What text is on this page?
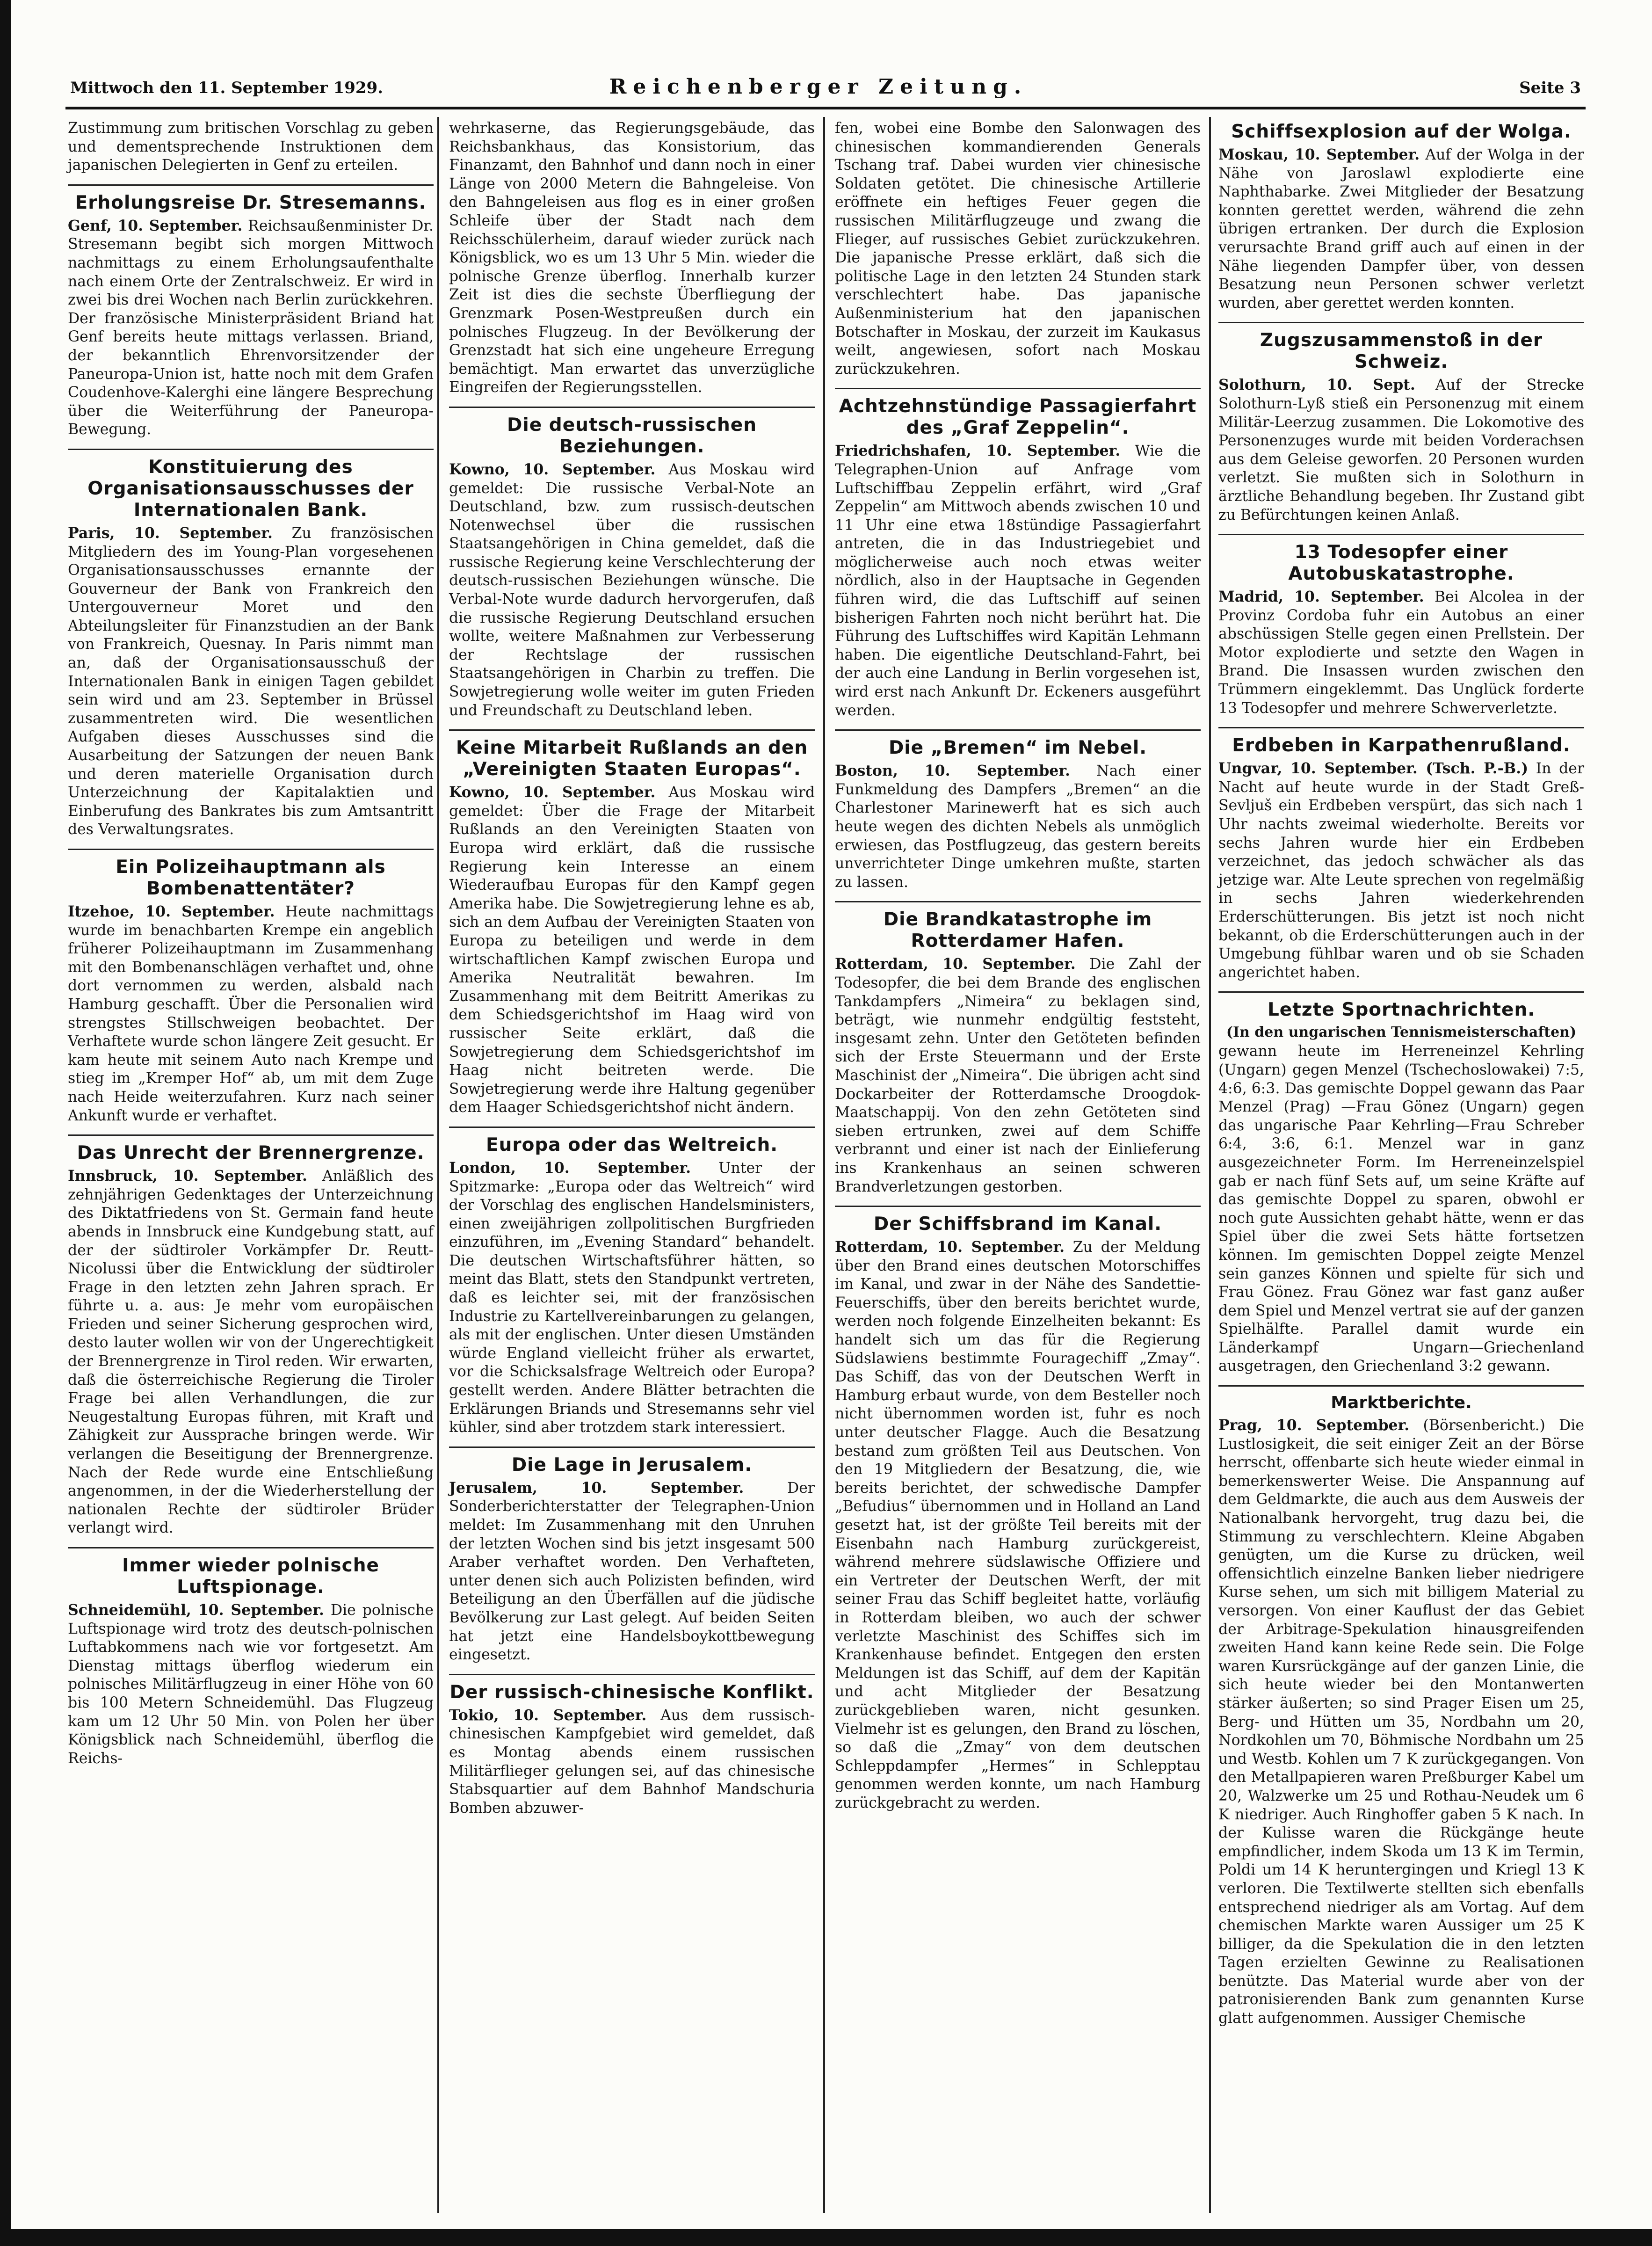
Mittwoch den 11. September 1929.	Reichenberger Zeitung.	Seite 3

Zustimmung zum britischen Vorschlag zu geben und dementsprechende Instruktionen dem japanischen Delegierten in Genf zu erteilen.

Erholungsreise Dr. Stresemanns.

Genf, 10. September. Reichsaußenminister Dr. Stresemann begibt sich morgen Mittwoch nachmittags zu einem Erholungsaufenthalte nach einem Orte der Zentralschweiz. Er wird in zwei bis drei Wochen nach Berlin zurückkehren. Der französische Ministerpräsident Briand hat Genf bereits heute mittags verlassen. Briand, der bekanntlich Ehrenvorsitzender der Paneuropa-Union ist, hatte noch mit dem Grafen Coudenhove-Kalerghi eine längere Besprechung über die Weiterführung der Paneuropa-Bewegung.

Konstituierung des Organisationsausschusses der Internationalen Bank.

Paris, 10. September. Zu französischen Mitgliedern des im Young-Plan vorgesehenen Organisationsausschusses ernannte der Gouverneur der Bank von Frankreich den Untergouverneur Moret und den Abteilungsleiter für Finanzstudien an der Bank von Frankreich, Quesnay. In Paris nimmt man an, daß der Organisationsausschuß der Internationalen Bank in einigen Tagen gebildet sein wird und am 23. September in Brüssel zusammentreten wird. Die wesentlichen Aufgaben dieses Ausschusses sind die Ausarbeitung der Satzungen der neuen Bank und deren materielle Organisation durch Unterzeichnung der Kapitalaktien und Einberufung des Bankrates bis zum Amtsantritt des Verwaltungsrates.

Ein Polizeihauptmann als Bombenattentäter?

Itzehoe, 10. September. Heute nachmittags wurde im benachbarten Krempe ein angeblich früherer Polizeihauptmann im Zusammenhang mit den Bombenanschlägen verhaftet und, ohne dort vernommen zu werden, alsbald nach Hamburg geschafft. Über die Personalien wird strengstes Stillschweigen beobachtet. Der Verhaftete wurde schon längere Zeit gesucht. Er kam heute mit seinem Auto nach Krempe und stieg im „Kremper Hof“ ab, um mit dem Zuge nach Heide weiterzufahren. Kurz nach seiner Ankunft wurde er verhaftet.

Das Unrecht der Brennergrenze.

Innsbruck, 10. September. Anläßlich des zehnjährigen Gedenktages der Unterzeichnung des Diktatfriedens von St. Germain fand heute abends in Innsbruck eine Kundgebung statt, auf der der südtiroler Vorkämpfer Dr. Reutt-Nicolussi über die Entwicklung der südtiroler Frage in den letzten zehn Jahren sprach. Er führte u. a. aus: Je mehr vom europäischen Frieden und seiner Sicherung gesprochen wird, desto lauter wollen wir von der Ungerechtigkeit der Brennergrenze in Tirol reden. Wir erwarten, daß die österreichische Regierung die Tiroler Frage bei allen Verhandlungen, die zur Neugestaltung Europas führen, mit Kraft und Zähigkeit zur Aussprache bringen werde. Wir verlangen die Beseitigung der Brennergrenze. Nach der Rede wurde eine Entschließung angenommen, in der die Wiederherstellung der nationalen Rechte der südtiroler Brüder verlangt wird.

Immer wieder polnische Luftspionage.

Schneidemühl, 10. September. Die polnische Luftspionage wird trotz des deutsch-polnischen Luftabkommens nach wie vor fortgesetzt. Am Dienstag mittags überflog wiederum ein polnisches Militärflugzeug in einer Höhe von 60 bis 100 Metern Schneidemühl. Das Flugzeug kam um 12 Uhr 50 Min. von Polen her über Königsblick nach Schneidemühl, überflog die Reichs-

wehrkaserne, das Regierungsgebäude, das Reichsbankhaus, das Konsistorium, das Finanzamt, den Bahnhof und dann noch in einer Länge von 2000 Metern die Bahngeleise. Von den Bahngeleisen aus flog es in einer großen Schleife über der Stadt nach dem Reichsschülerheim, darauf wieder zurück nach Königsblick, wo es um 13 Uhr 5 Min. wieder die polnische Grenze überflog. Innerhalb kurzer Zeit ist dies die sechste Überfliegung der Grenzmark Posen-Westpreußen durch ein polnisches Flugzeug. In der Bevölkerung der Grenzstadt hat sich eine ungeheure Erregung bemächtigt. Man erwartet das unverzügliche Eingreifen der Regierungsstellen.

Die deutsch-russischen Beziehungen.

Kowno, 10. September. Aus Moskau wird gemeldet: Die russische Verbal-Note an Deutschland, bzw. zum russisch-deutschen Notenwechsel über die russischen Staatsangehörigen in China gemeldet, daß die russische Regierung keine Verschlechterung der deutsch-russischen Beziehungen wünsche. Die Verbal-Note wurde dadurch hervorgerufen, daß die russische Regierung Deutschland ersuchen wollte, weitere Maßnahmen zur Verbesserung der Rechtslage der russischen Staatsangehörigen in Charbin zu treffen. Die Sowjetregierung wolle weiter im guten Frieden und Freundschaft zu Deutschland leben.

Keine Mitarbeit Rußlands an den „Vereinigten Staaten Europas“.

Kowno, 10. September. Aus Moskau wird gemeldet: Über die Frage der Mitarbeit Rußlands an den Vereinigten Staaten von Europa wird erklärt, daß die russische Regierung kein Interesse an einem Wiederaufbau Europas für den Kampf gegen Amerika habe. Die Sowjetregierung lehne es ab, sich an dem Aufbau der Vereinigten Staaten von Europa zu beteiligen und werde in dem wirtschaftlichen Kampf zwischen Europa und Amerika Neutralität bewahren. Im Zusammenhang mit dem Beitritt Amerikas zu dem Schiedsgerichtshof im Haag wird von russischer Seite erklärt, daß die Sowjetregierung dem Schiedsgerichtshof im Haag nicht beitreten werde. Die Sowjetregierung werde ihre Haltung gegenüber dem Haager Schiedsgerichtshof nicht ändern.

Europa oder das Weltreich.

London, 10. September. Unter der Spitzmarke: „Europa oder das Weltreich“ wird der Vorschlag des englischen Handelsministers, einen zweijährigen zollpolitischen Burgfrieden einzuführen, im „Evening Standard“ behandelt. Die deutschen Wirtschaftsführer hätten, so meint das Blatt, stets den Standpunkt vertreten, daß es leichter sei, mit der französischen Industrie zu Kartellvereinbarungen zu gelangen, als mit der englischen. Unter diesen Umständen würde England vielleicht früher als erwartet, vor die Schicksalsfrage Weltreich oder Europa? gestellt werden. Andere Blätter betrachten die Erklärungen Briands und Stresemanns sehr viel kühler, sind aber trotzdem stark interessiert.

Die Lage in Jerusalem.

Jerusalem, 10. September.	Der Sonderberichterstatter der Telegraphen-Union meldet: Im Zusammenhang mit den Unruhen der letzten Wochen sind bis jetzt insgesamt 500 Araber verhaftet worden. Den Verhafteten, unter denen sich auch Polizisten befinden, wird Beteiligung an den Überfällen auf die jüdische Bevölkerung zur Last gelegt. Auf beiden Seiten hat jetzt eine Handelsboykottbewegung eingesetzt.

Der russisch-chinesische Konflikt.

Tokio, 10. September. Aus dem russisch-chinesischen Kampfgebiet wird gemeldet, daß es Montag abends einem russischen Militärflieger gelungen sei, auf das chinesische Stabsquartier auf dem Bahnhof Mandschuria Bomben abzuwer-

fen, wobei eine Bombe den Salonwagen des chinesischen kommandierenden Generals Tschang traf. Dabei wurden vier chinesische Soldaten getötet. Die chinesische Artillerie eröffnete ein heftiges Feuer gegen die russischen Militärflugzeuge und zwang die Flieger, auf russisches Gebiet zurückzukehren. Die japanische Presse erklärt, daß sich die politische Lage in den letzten 24 Stunden stark verschlechtert habe. Das japanische Außenministerium hat den japanischen Botschafter in Moskau, der zurzeit im Kaukasus weilt, angewiesen, sofort nach Moskau zurückzukehren.

Achtzehnstündige Passagierfahrt des „Graf Zeppelin“.

Friedrichshafen, 10. September. Wie die Telegraphen-Union auf Anfrage vom Luftschiffbau Zeppelin erfährt, wird „Graf Zeppelin“ am Mittwoch abends zwischen 10 und 11 Uhr eine etwa 18stündige Passagierfahrt antreten, die in das Industriegebiet und möglicherweise auch noch etwas weiter nördlich, also in der Hauptsache in Gegenden führen wird, die das Luftschiff auf seinen bisherigen Fahrten noch nicht berührt hat. Die Führung des Luftschiffes wird Kapitän Lehmann haben. Die eigentliche Deutschland-Fahrt, bei der auch eine Landung in Berlin vorgesehen ist, wird erst nach Ankunft Dr. Eckeners ausgeführt werden.

Die „Bremen“ im Nebel.

Boston, 10. September. Nach einer Funkmeldung des Dampfers „Bremen“ an die Charlestoner Marinewerft hat es sich auch heute wegen des dichten Nebels als unmöglich erwiesen, das Postflugzeug, das gestern bereits unverrichteter Dinge umkehren mußte, starten zu lassen.

Die Brandkatastrophe im Rotterdamer Hafen.

Rotterdam, 10. September. Die Zahl der Todesopfer, die bei dem Brande des englischen Tankdampfers „Nimeira“ zu beklagen sind, beträgt, wie nunmehr endgültig feststeht, insgesamt zehn. Unter den Getöteten befinden sich der Erste Steuermann und der Erste Maschinist der „Nimeira“. Die übrigen acht sind Dockarbeiter der Rotterdamsche Droogdok-Maatschappij. Von den zehn Getöteten sind sieben ertrunken, zwei auf dem Schiffe verbrannt und einer ist nach der Einlieferung ins Krankenhaus an seinen schweren Brandverletzungen gestorben.

Der Schiffsbrand im Kanal.

Rotterdam, 10. September. Zu der Meldung über den Brand eines deutschen Motorschiffes im Kanal, und zwar in der Nähe des Sandettie-Feuerschiffs, über den bereits berichtet wurde, werden noch folgende Einzelheiten bekannt: Es handelt sich um das für die Regierung Südslawiens bestimmte Fouragechiff „Zmay“. Das Schiff, das von der Deutschen Werft in Hamburg erbaut wurde, von dem Besteller noch nicht übernommen worden ist, fuhr es noch unter deutscher Flagge. Auch die Besatzung bestand zum größten Teil aus Deutschen. Von den 19 Mitgliedern der Besatzung, die, wie bereits berichtet, der schwedische Dampfer „Befudius“ übernommen und in Holland an Land gesetzt hat, ist der größte Teil bereits mit der Eisenbahn nach Hamburg zurückgereist, während mehrere südslawische Offiziere und ein Vertreter der Deutschen Werft, der mit seiner Frau das Schiff begleitet hatte, vorläufig in Rotterdam bleiben, wo auch der schwer verletzte Maschinist des Schiffes sich im Krankenhause befindet. Entgegen den ersten Meldungen ist das Schiff, auf dem der Kapitän und acht Mitglieder der Besatzung zurückgeblieben waren, nicht gesunken. Vielmehr ist es gelungen, den Brand zu löschen, so daß die „Zmay“ von dem deutschen Schleppdampfer „Hermes“ in Schlepptau genommen werden konnte, um nach Hamburg zurückgebracht zu werden.

Schiffsexplosion auf der Wolga.

Moskau, 10. September. Auf der Wolga in der Nähe von Jaroslawl explodierte eine Naphthabarke. Zwei Mitglieder der Besatzung konnten gerettet werden, während die zehn übrigen ertranken. Der durch die Explosion verursachte Brand griff auch auf einen in der Nähe liegenden Dampfer über, von dessen Besatzung neun Personen schwer verletzt wurden, aber gerettet werden konnten.

Zugszusammenstoß in der Schweiz.

Solothurn, 10. Sept. Auf der Strecke Solothurn-Lyß stieß ein Personenzug mit einem Militär-Leerzug zusammen. Die Lokomotive des Personenzuges wurde mit beiden Vorderachsen aus dem Geleise geworfen. 20 Personen wurden verletzt. Sie mußten sich in Solothurn in ärztliche Behandlung begeben. Ihr Zustand gibt zu Befürchtungen keinen Anlaß.

13 Todesopfer einer Autobuskatastrophe.

Madrid, 10. September. Bei Alcolea in der Provinz Cordoba fuhr ein Autobus an einer abschüssigen Stelle gegen einen Prellstein. Der Motor explodierte und setzte den Wagen in Brand. Die Insassen wurden zwischen den Trümmern eingeklemmt. Das Unglück forderte 13 Todesopfer und mehrere Schwerverletzte.

Erdbeben in Karpathenrußland.

Ungvar, 10. September. (Tsch. P.-B.) In der Nacht auf heute wurde in der Stadt Greß-Sevljuš ein Erdbeben verspürt, das sich nach 1 Uhr nachts zweimal wiederholte. Bereits vor sechs Jahren wurde hier ein Erdbeben verzeichnet, das jedoch schwächer als das jetzige war. Alte Leute sprechen von regelmäßig in sechs Jahren wiederkehrenden Erderschütterungen. Bis jetzt ist noch nicht bekannt, ob die Erderschütterungen auch in der Umgebung fühlbar waren und ob sie Schaden angerichtet haben.

Letzte Sportnachrichten.
(In den ungarischen Tennismeisterschaften)

gewann heute im Herreneinzel Kehrling (Ungarn) gegen Menzel (Tschechoslowakei) 7:5, 4:6, 6:3. Das gemischte Doppel gewann das Paar Menzel (Prag) —Frau Gönez (Ungarn) gegen das ungarische Paar Kehrling—Frau Schreber 6:4, 3:6, 6:1. Menzel war in ganz ausgezeichneter Form. Im Herreneinzelspiel gab er nach fünf Sets auf, um seine Kräfte auf das gemischte Doppel zu sparen, obwohl er noch gute Aussichten gehabt hätte, wenn er das Spiel über die zwei Sets hätte fortsetzen können. Im gemischten Doppel zeigte Menzel sein ganzes Können und spielte für sich und Frau Gönez. Frau Gönez war fast ganz außer dem Spiel und Menzel vertrat sie auf der ganzen Spielhälfte. Parallel damit wurde ein Länderkampf Ungarn—Griechenland ausgetragen, den Griechenland 3:2 gewann.

Marktberichte.

Prag, 10. September. (Börsenbericht.) Die Lustlosigkeit, die seit einiger Zeit an der Börse herrscht, offenbarte sich heute wieder einmal in bemerkenswerter Weise. Die Anspannung auf dem Geldmarkte, die auch aus dem Ausweis der Nationalbank hervorgeht, trug dazu bei, die Stimmung zu verschlechtern. Kleine Abgaben genügten, um die Kurse zu drücken, weil offensichtlich einzelne Banken lieber niedrigere Kurse sehen, um sich mit billigem Material zu versorgen. Von einer Kauflust der das Gebiet der Arbitrage-Spekulation hinausgreifenden zweiten Hand kann keine Rede sein. Die Folge waren Kursrückgänge auf der ganzen Linie, die sich heute wieder bei den Montanwerten stärker äußerten; so sind Prager Eisen um 25, Berg- und Hütten um 35, Nordbahn um 20, Nordkohlen um 70, Böhmische Nordbahn um 25 und Westb. Kohlen um 7 K zurückgegangen. Von den Metallpapieren waren Preßburger Kabel um 20, Walzwerke um 25 und Rothau-Neudek um 6 K niedriger. Auch Ringhoffer gaben 5 K nach. In der Kulisse waren die Rückgänge heute empfindlicher, indem Skoda um 13 K im Termin, Poldi um 14 K heruntergingen und Kriegl 13 K verloren. Die Textilwerte stellten sich ebenfalls entsprechend niedriger als am Vortag. Auf dem chemischen Markte waren Aussiger um 25 K billiger, da die Spekulation die in den letzten Tagen erzielten Gewinne zu Realisationen benützte. Das Material wurde aber von der patronisierenden Bank zum genannten Kurse glatt aufgenommen. Aussiger Chemische
